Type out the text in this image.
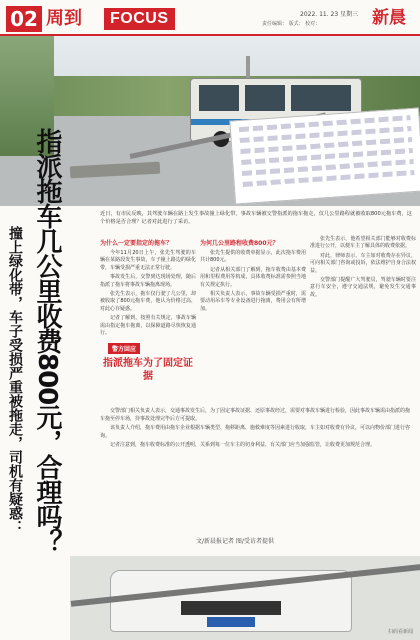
02 周到	FOCUS	2022. 11. 23 星期三
责任编辑： 版式： 校对：	新晨
指派拖车几公里收费800元，合理吗？
撞上绿化带，车子受损严重被拖走，司机有疑惑：
近日，有市民反映，其驾驶车辆在路上发生事故撞上绿化带，事故车辆被交警指派的拖车拖走，仅几公里路程就被收取800元拖车费，这个价格是否合理？记者对此进行了采访。
为什么一定要指定的拖车？

今年11月20日上午，张先生驾驶的车辆在某路段发生事故，车子撞上路边的绿化带，车辆受损严重无法正常行驶。

事故发生后，交警到达现场处理，随后指派了拖车将事故车辆拖离现场。

张先生表示，拖车仅行驶了几公里，却被收取了800元拖车费，他认为价格过高，对此心存疑惑。

记者了解到，按照有关规定，事故车辆需由指定拖车拖离，以保障道路尽快恢复通行。

警方回应
指派拖车为了固定证据
为何几公里路程收费800元？

张先生提供的收费单据显示，此次拖车费用共计800元。

记者从相关部门了解到，拖车收费由基本费用和里程费用等构成，具体收费标准需参照当地有关规定执行。

相关负责人表示，事故车辆受损严重时，需要动用吊车等专业设备进行拖离，费用会有所增加。

张先生表示，他希望相关部门能够对收费标准进行公开，以便车主了解具体的收费依据。

对此，律师表示，车主如对收费存在异议，可向相关部门咨询或投诉，依法维护自身合法权益。

交警部门提醒广大驾驶员，驾驶车辆时要注意行车安全，遵守交通法规，避免发生交通事故。

交警部门相关负责人表示，交通事故发生后，为了固定事故证据、还原事故经过，需要对事故车辆进行检验，因此事故车辆需由指派的拖车拖至停车场，待事故处理完毕后方可提取。

该负责人介绍，拖车费用由拖车企业根据车辆类型、拖移距离、施救难度等因素进行收取，车主如对收费有异议，可以向物价部门进行咨询。

记者注意到，拖车收费标准的公开透明，关系到每一位车主的切身利益，有关部门应当加强监管，让收费更加规范合理。

文/新晨报记者 图/受访者提供
扫码看新闻
